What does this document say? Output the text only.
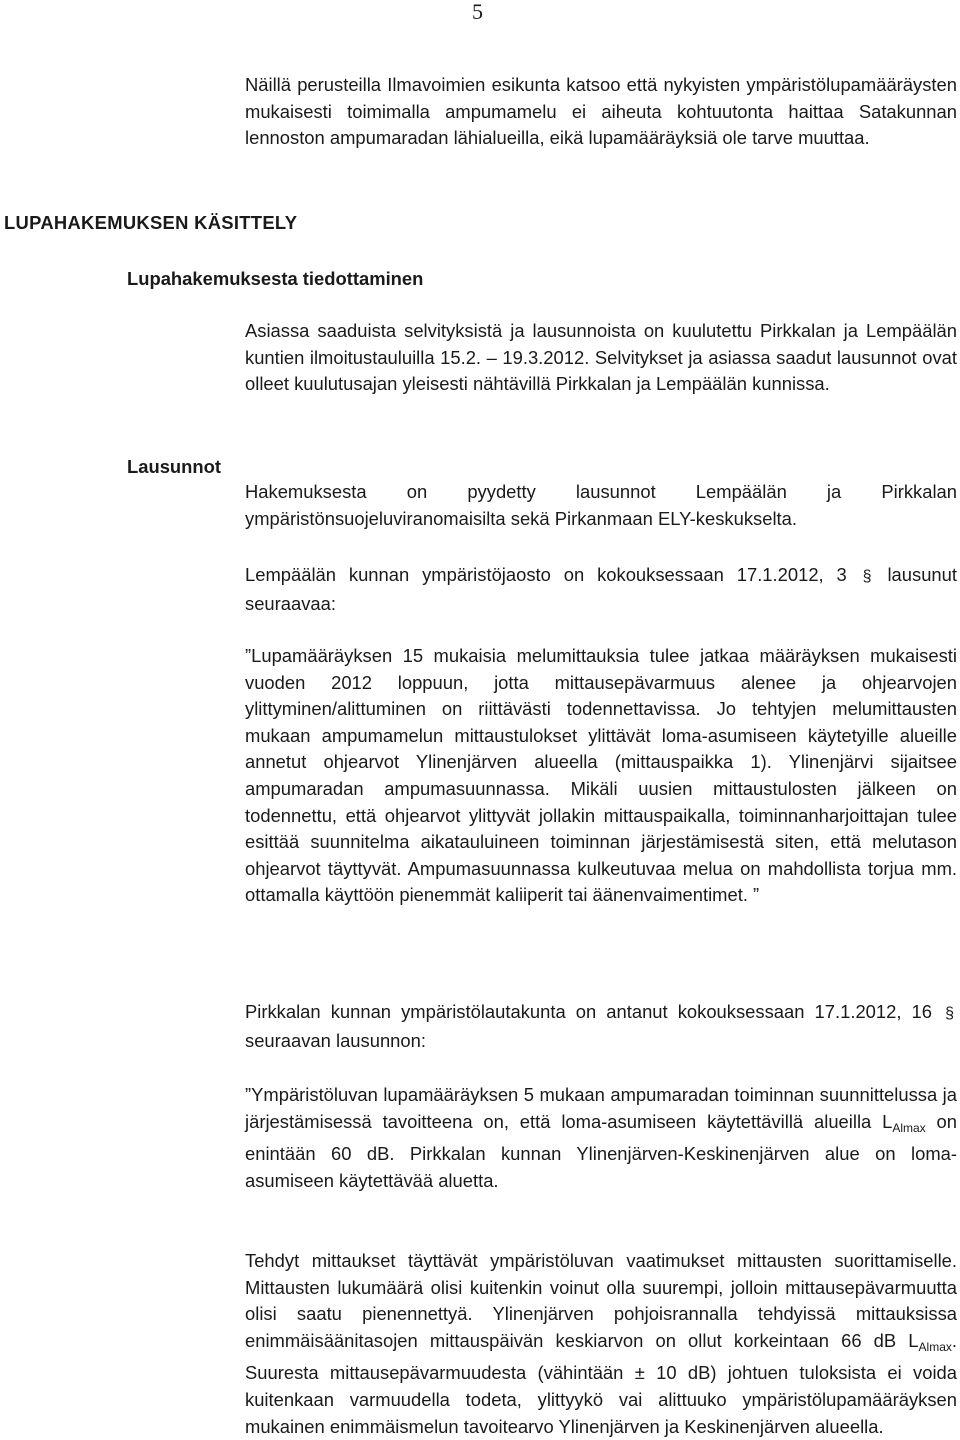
5

Näillä perusteilla Ilmavoimien esikunta katsoo että nykyisten ympäristölupamääräysten mukaisesti toimimalla ampumamelu ei aiheuta kohtuutonta haittaa Satakunnan lennoston ampumaradan lähialueilla, eikä lupamääräyksiä ole tarve muuttaa.

LUPAHAKEMUKSEN KÄSITTELY
Lupahakemuksesta tiedottaminen

Asiassa saaduista selvityksistä ja lausunnoista on kuulutettu Pirkkalan ja Lempäälän kuntien ilmoitustauluilla 15.2. – 19.3.2012. Selvitykset ja asiassa saadut lausunnot ovat olleet kuulutusajan yleisesti nähtävillä Pirkkalan ja Lempäälän kunnissa.

Lausunnot

Hakemuksesta on pyydetty lausunnot Lempäälän ja Pirkkalan ympäristönsuojeluviranomaisilta sekä Pirkanmaan ELY-keskukselta.

Lempäälän kunnan ympäristöjaosto on kokouksessaan 17.1.2012, 3 § lausunut seuraavaa:

”Lupamääräyksen 15 mukaisia melumittauksia tulee jatkaa määräyksen mukaisesti vuoden 2012 loppuun, jotta mittausepävarmuus alenee ja ohjearvojen ylittyminen/alittuminen on riittävästi todennettavissa. Jo tehtyjen melumittausten mukaan ampumamelun mittaustulokset ylittävät loma-asumiseen käytetyille alueille annetut ohjearvot Ylinenjärven alueella (mittauspaikka 1). Ylinenjärvi sijaitsee ampumaradan ampumasuunnassa. Mikäli uusien mittaustulosten jälkeen on todennettu, että ohjearvot ylittyvät jollakin mittauspaikalla, toiminnanharjoittajan tulee esittää suunnitelma aikatauluineen toiminnan järjestämisestä siten, että melutason ohjearvot täyttyvät. Ampumasuunnassa kulkeutuvaa melua on mahdollista torjua mm. ottamalla käyttöön pienemmät kaliiperit tai äänenvaimentimet. ”

Pirkkalan kunnan ympäristölautakunta on antanut kokouksessaan 17.1.2012, 16 § seuraavan lausunnon:

”Ympäristöluvan lupamääräyksen 5 mukaan ampumaradan toiminnan suunnittelussa ja järjestämisessä tavoitteena on, että loma-asumiseen käytettävillä alueilla $L_{Almax}$ on enintään 60 dB. Pirkkalan kunnan Ylinenjärven-Keskinenjärven alue on loma-asumiseen käytettävää aluetta.

Tehdyt mittaukset täyttävät ympäristöluvan vaatimukset mittausten suorittamiselle. Mittausten lukumäärä olisi kuitenkin voinut olla suurempi, jolloin mittausepävarmuutta olisi saatu pienennettyä. Ylinenjärven pohjoisrannalla tehdyissä mittauksissa enimmäisäänitasojen mittauspäivän keskiarvon on ollut korkeintaan 66 dB $L_{Almax}$. Suuresta mittausepävarmuudesta (vähintään ± 10 dB) johtuen tuloksista ei voida kuitenkaan varmuudella todeta, ylittyykö vai alittuuko ympäristölupamääräyksen mukainen enimmäismelun tavoitearvo Ylinenjärven ja Keskinenjärven alueella.
